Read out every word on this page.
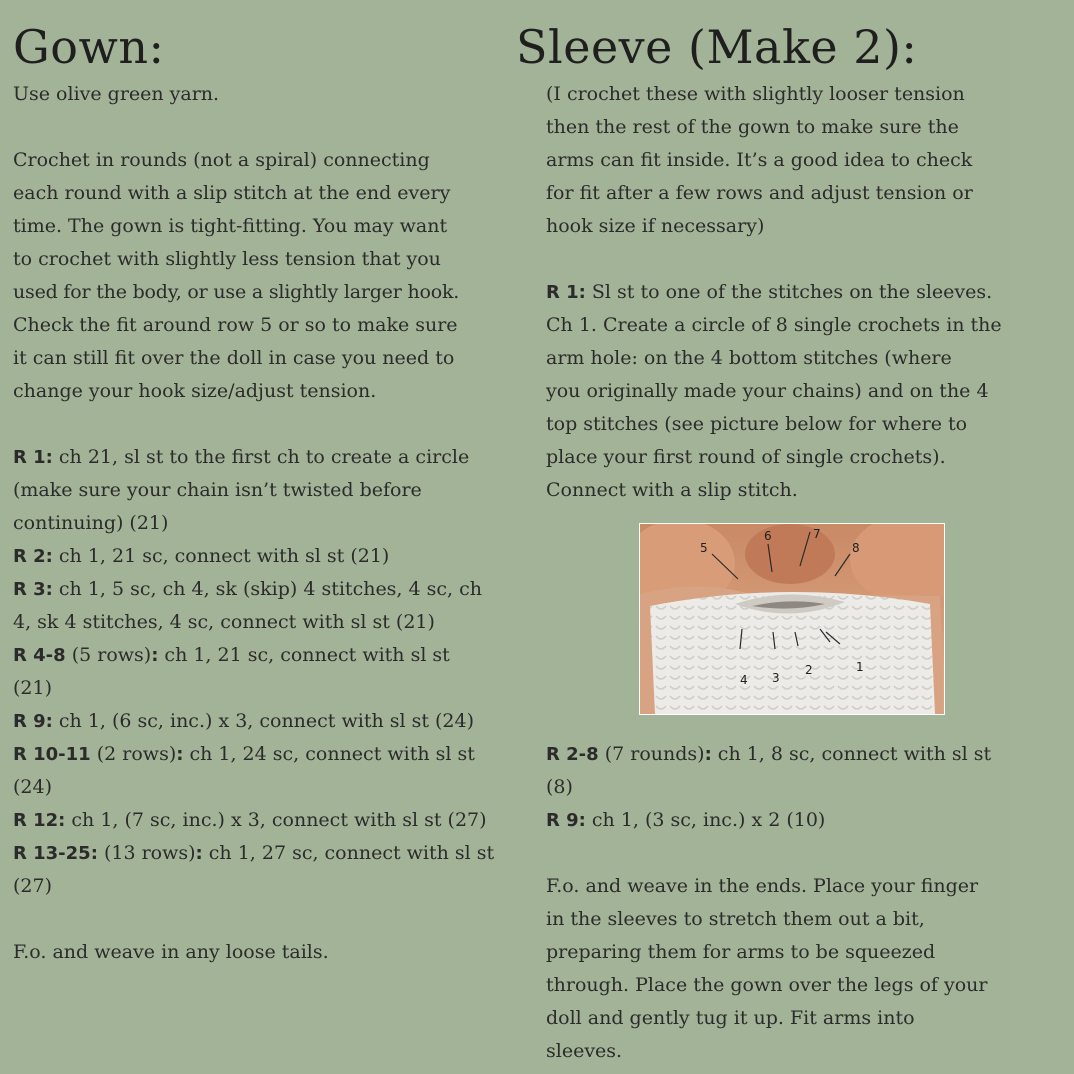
Gown:

Use olive green yarn.

Crochet in rounds (not a spiral) connecting

each round with a slip stitch at the end every

time. The gown is tight-fitting. You may want

to crochet with slightly less tension that you

used for the body, or use a slightly larger hook.

Check the fit around row 5 or so to make sure

it can still fit over the doll in case you need to

change your hook size/adjust tension.

R 1: ch 21, sl st to the first ch to create a circle

(make sure your chain isn’t twisted before

continuing) (21)

R 2: ch 1, 21 sc, connect with sl st (21)

R 3: ch 1, 5 sc, ch 4, sk (skip) 4 stitches, 4 sc, ch

4, sk 4 stitches, 4 sc, connect with sl st (21)

R 4-8 (5 rows): ch 1, 21 sc, connect with sl st

(21)

R 9: ch 1, (6 sc, inc.) x 3, connect with sl st (24)

R 10-11 (2 rows): ch 1, 24 sc, connect with sl st

(24)

R 12: ch 1, (7 sc, inc.) x 3, connect with sl st (27)

R 13-25: (13 rows): ch 1, 27 sc, connect with sl st

(27)

F.o. and weave in any loose tails.

Sleeve (Make 2):

(I crochet these with slightly looser tension

then the rest of the gown to make sure the

arms can fit inside. It’s a good idea to check

for fit after a few rows and adjust tension or

hook size if necessary)

R 1: Sl st to one of the stitches on the sleeves.

Ch 1. Create a circle of 8 single crochets in the

arm hole: on the 4 bottom stitches (where

you originally made your chains) and on the 4

top stitches (see picture below for where to

place your first round of single crochets).

Connect with a slip stitch.

R 2-8 (7 rounds): ch 1, 8 sc, connect with sl st

(8)

R 9: ch 1, (3 sc, inc.) x 2 (10)

F.o. and weave in the ends. Place your finger

in the sleeves to stretch them out a bit,

preparing them for arms to be squeezed

through. Place the gown over the legs of your

doll and gently tug it up. Fit arms into

sleeves.

5
6	7
8
4 3
2	1
